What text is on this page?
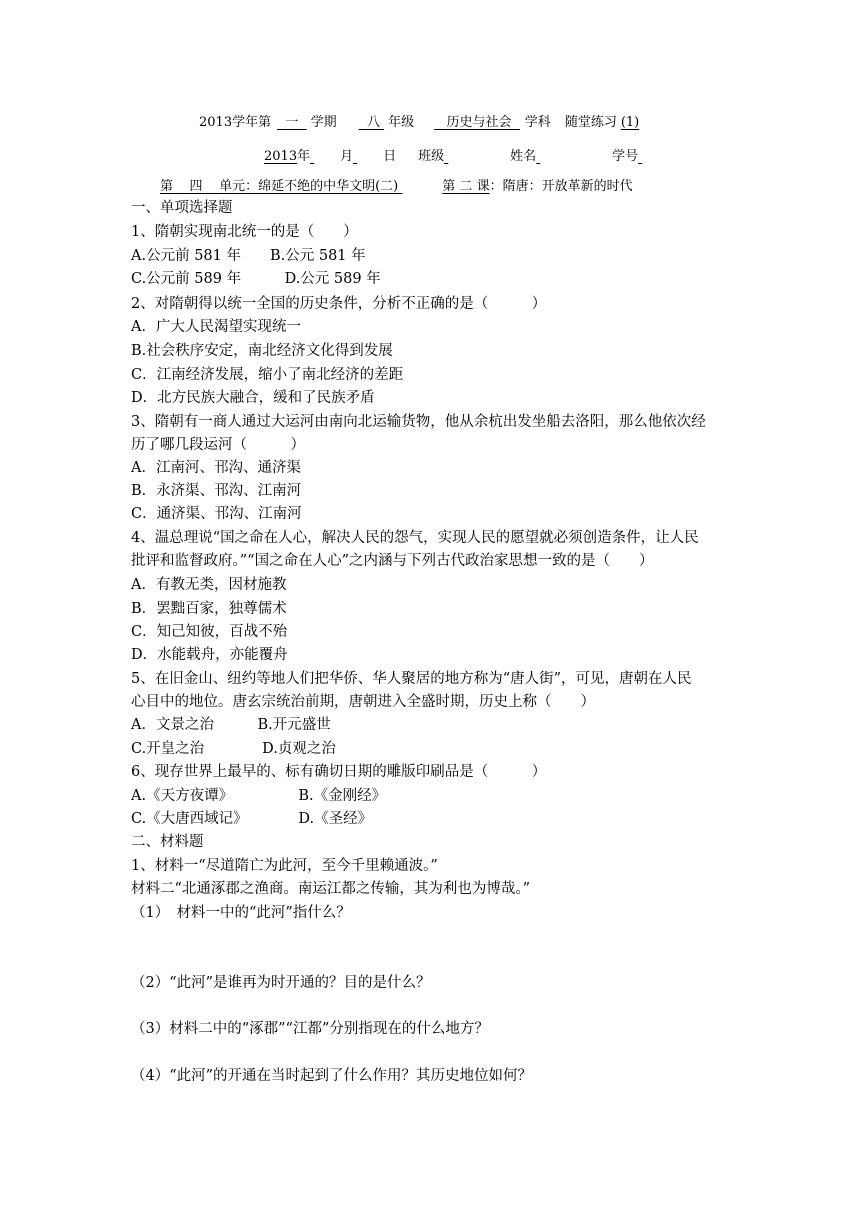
2013学年第 一 学期 八 年级 历史与社会 学科 随堂练习 (1)
2013年 月 日 班级	姓名	学号
第 四 单元：绵延不绝的中华文明(二)	第 二 课：隋唐：开放革新的时代
一、单项选择题
1、隋朝实现南北统一的是（　　）
A.公元前 581 年　　B.公元 581 年
C.公元前 589 年　　　D.公元 589 年
2、对隋朝得以统一全国的历史条件，分析不正确的是（　　　）
A．广大人民渴望实现统一
B.社会秩序安定，南北经济文化得到发展
C．江南经济发展，缩小了南北经济的差距
D．北方民族大融合，缓和了民族矛盾
3、隋朝有一商人通过大运河由南向北运输货物，他从余杭出发坐船去洛阳，那么他依次经
历了哪几段运河（　　　）
A．江南河、邗沟、通济渠
B．永济渠、邗沟、江南河
C．通济渠、邗沟、江南河
4、温总理说“国之命在人心，解决人民的怨气，实现人民的愿望就必须创造条件，让人民
批评和监督政府。”“国之命在人心”之内涵与下列古代政治家思想一致的是（　　）
A．有教无类，因材施教
B．罢黜百家，独尊儒术
C．知己知彼，百战不殆
D．水能载舟，亦能覆舟
5、在旧金山、纽约等地人们把华侨、华人聚居的地方称为“唐人街”，可见，唐朝在人民
心目中的地位。唐玄宗统治前期，唐朝进入全盛时期，历史上称（　　）
A．文景之治　　　B.开元盛世
C.开皇之治　　　　D.贞观之治
6、现存世界上最早的、标有确切日期的雕版印刷品是（　　　）
A.《天方夜谭》　　　　　B.《金刚经》
C.《大唐西域记》　　　　D.《圣经》
二、材料题
1、材料一“尽道隋亡为此河，至今千里赖通波。”
材料二“北通涿郡之渔商。南运江都之传输，其为利也为博哉。”
（1）　材料一中的“此河”指什么？
（2）“此河”是谁再为时开通的？目的是什么？
（3）材料二中的“涿郡”“江都”分别指现在的什么地方？
（4）“此河”的开通在当时起到了什么作用？其历史地位如何？
